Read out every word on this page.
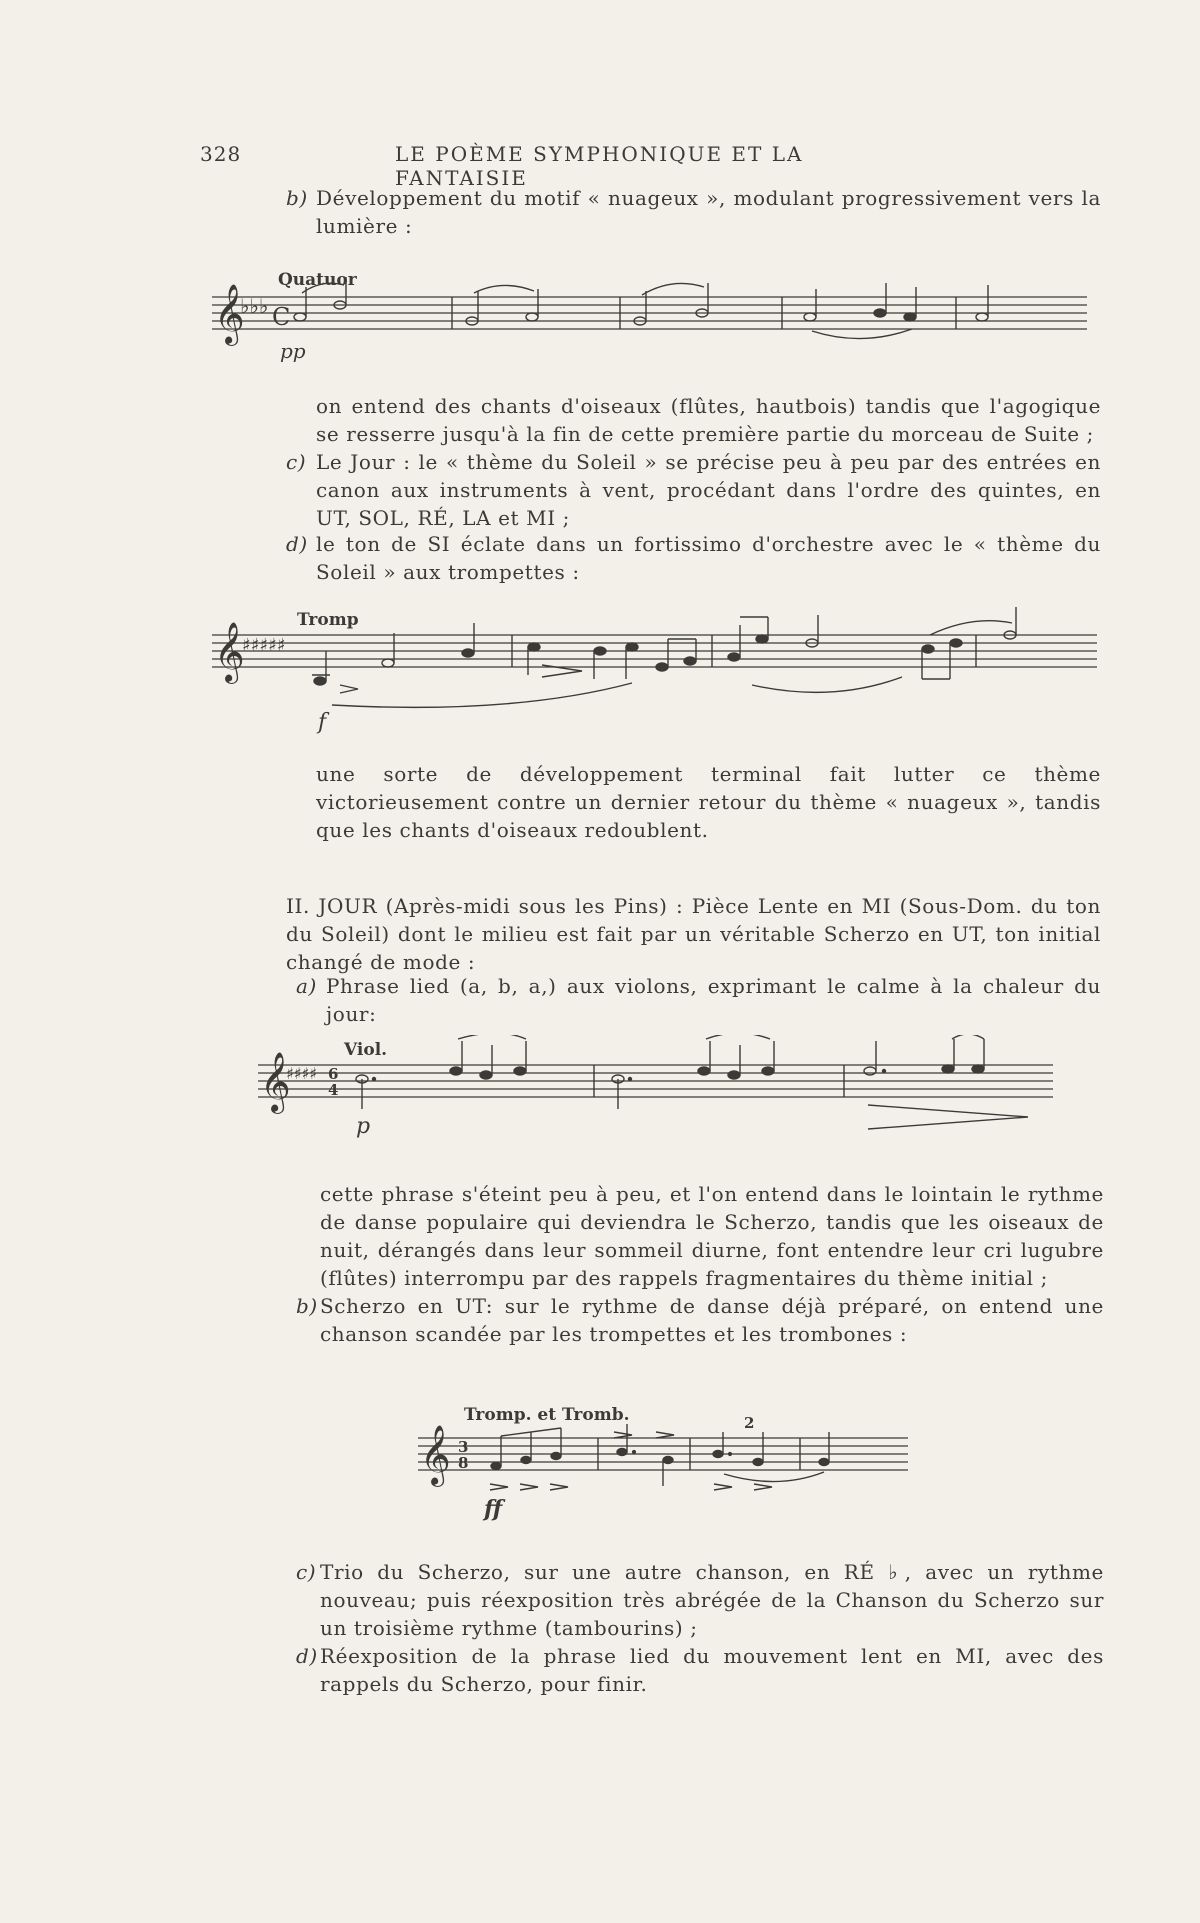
328	LE POÈME SYMPHONIQUE ET LA FANTAISIE
b) Développement du motif « nuageux », modulant progressivement vers la lumière :

Quatuor
𝄞
♭♭♭ C
pp

on entend des chants d'oiseaux (flûtes, hautbois) tandis que l'agogique se resserre jusqu'à la fin de cette première partie du morceau de Suite ;

c) Le Jour : le « thème du Soleil » se précise peu à peu par des entrées en canon aux instruments à vent, procédant dans l'ordre des quintes, en UT, SOL, RÉ, LA et MI ;

d) le ton de SI éclate dans un fortissimo d'orchestre avec le « thème du Soleil » aux trompettes :

Tromp
𝄞
♯♯♯♯♯
f

une sorte de développement terminal fait lutter ce thème victorieusement contre un dernier retour du thème « nuageux », tandis que les chants d'oiseaux redoublent.

II. JOUR (Après-midi sous les Pins) : Pièce Lente en MI (Sous-Dom. du ton du Soleil) dont le milieu est fait par un véritable Scherzo en UT, ton initial changé de mode :

a) Phrase lied (a, b, a,) aux violons, exprimant le calme à la chaleur du jour:

Viol.
𝄞
♯♯♯♯ 6
4
p

cette phrase s'éteint peu à peu, et l'on entend dans le lointain le rythme de danse populaire qui deviendra le Scherzo, tandis que les oiseaux de nuit, dérangés dans leur sommeil diurne, font entendre leur cri lugubre (flûtes) interrompu par des rappels fragmentaires du thème initial ;

b) Scherzo en UT: sur le rythme de danse déjà préparé, on entend une chanson scandée par les trompettes et les trombones :

Tromp. et Tromb.	2
𝄞 3
8
ff
c) Trio du Scherzo, sur une autre chanson, en RÉ ♭, avec un rythme nouveau; puis réexposition très abrégée de la Chanson du Scherzo sur un troisième rythme (tambourins) ;

d) Réexposition de la phrase lied du mouvement lent en MI, avec des rappels du Scherzo, pour finir.
